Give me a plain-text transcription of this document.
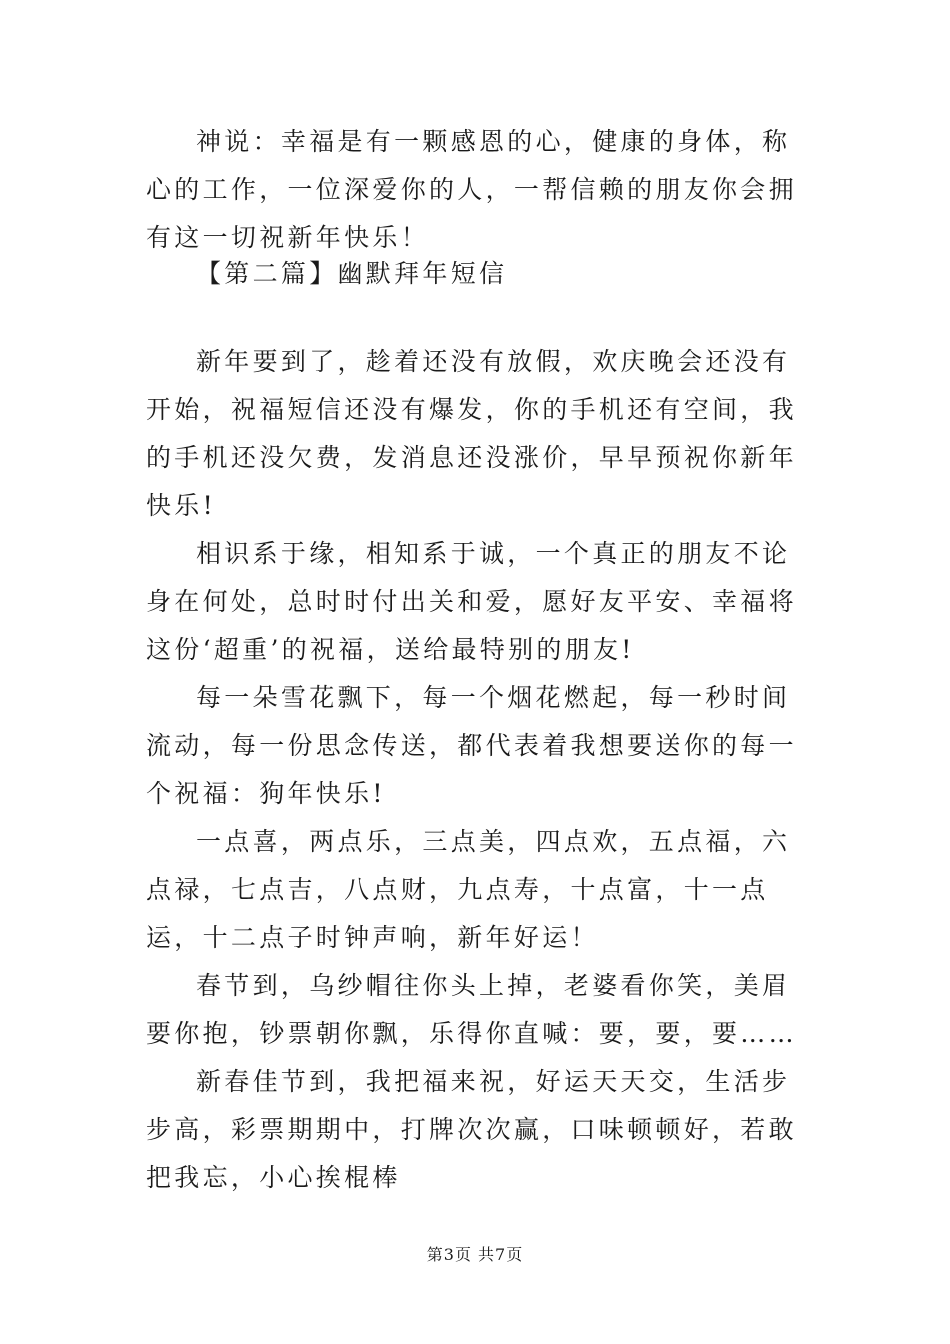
神说：幸福是有一颗感恩的心，健康的身体，称心的工作，一位深爱你的人，一帮信赖的朋友你会拥有这一切祝新年快乐！

【第二篇】幽默拜年短信

新年要到了，趁着还没有放假，欢庆晚会还没有开始，祝福短信还没有爆发，你的手机还有空间，我的手机还没欠费，发消息还没涨价，早早预祝你新年快乐!

相识系于缘，相知系于诚，一个真正的朋友不论身在何处，总时时付出关和爱，愿好友平安、幸福将这份‘超重’的祝福，送给最特别的朋友!

每一朵雪花飘下，每一个烟花燃起，每一秒时间流动，每一份思念传送，都代表着我想要送你的每一个祝福：狗年快乐!

一点喜，两点乐，三点美，四点欢，五点福，六点禄，七点吉，八点财，九点寿，十点富，十一点运，十二点子时钟声响，新年好运！

春节到，乌纱帽往你头上掉，老婆看你笑，美眉要你抱，钞票朝你飘，乐得你直喊：要，要，要……

新春佳节到，我把福来祝，好运天天交，生活步步高，彩票期期中，打牌次次赢，口味顿顿好，若敢把我忘，小心挨棍棒

第3页 共7页
